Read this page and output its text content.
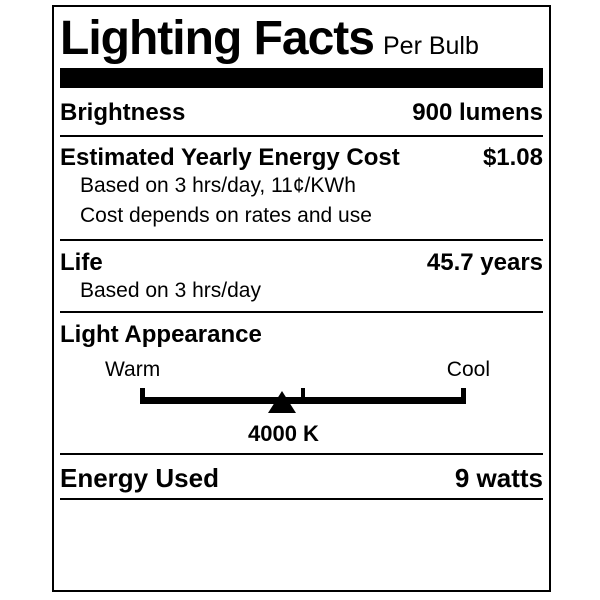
Lighting Facts Per Bulb
Brightness	900 lumens
Estimated Yearly Energy Cost	$1.08
Based on 3 hrs/day, 11¢/KWh
Cost depends on rates and use
Life	45.7 years
Based on 3 hrs/day
Light Appearance
Warm	Cool
4000 K
Energy Used	9 watts
